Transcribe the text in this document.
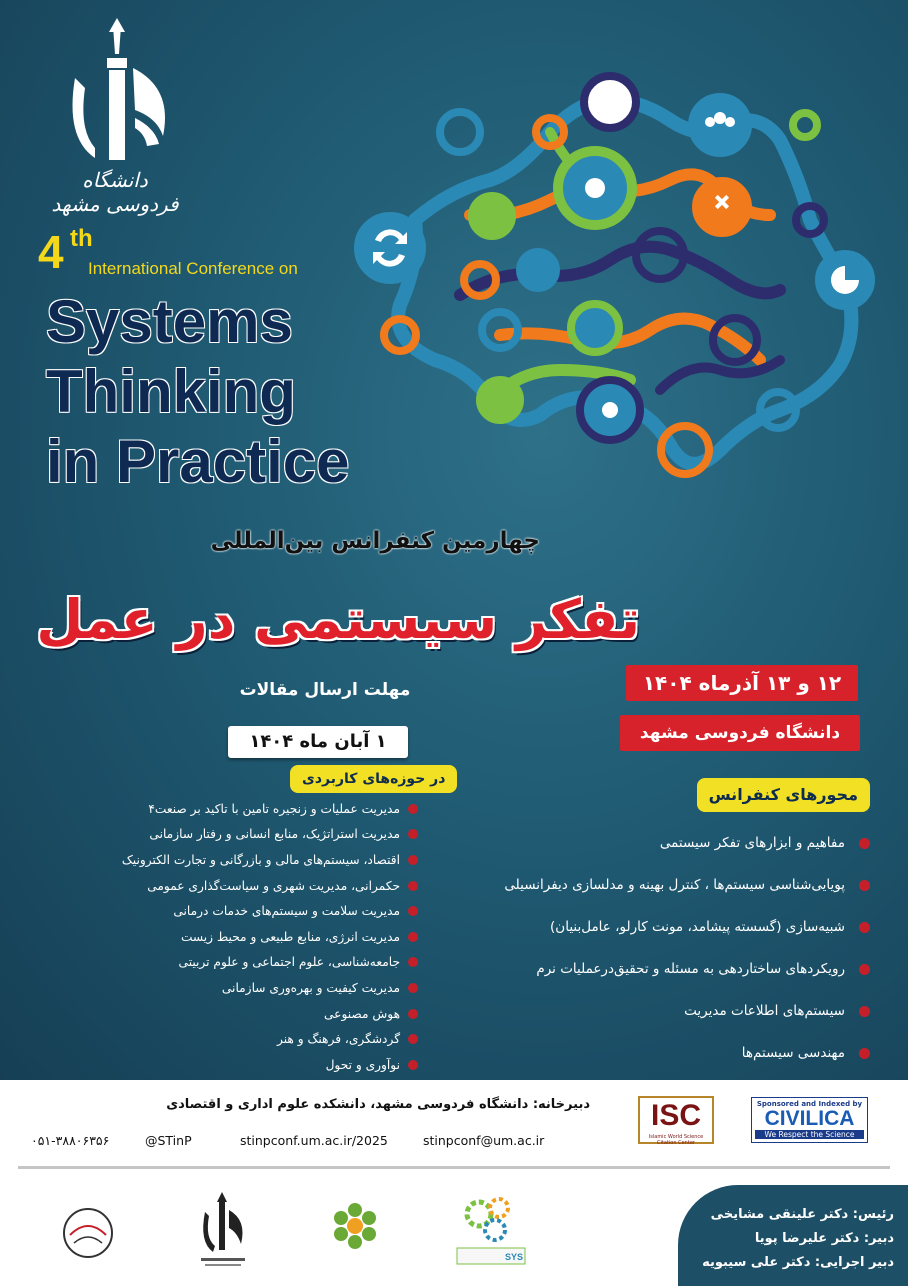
دانشگاه فردوسی مشهد
4 th
International Conference on
Systems
Thinking
in Practice
چهارمین کنفرانس بین‌المللی
تفکر سیستمی در عمل
۱۲ و ۱۳ آذرماه ۱۴۰۴
دانشگاه فردوسی مشهد
مهلت ارسال مقالات
۱ آبان ماه ۱۴۰۴
محورهای کنفرانس
مفاهیم و ابزارهای تفکر سیستمی
پویایی‌شناسی سیستم‌ها ، کنترل بهینه و مدلسازی دیفرانسیلی
شبیه‌سازی (گسسته پیشامد، مونت کارلو، عامل‌بنیان)
رویکردهای ساختاردهی به مسئله و تحقیق‌درعملیات نرم
سیستم‌های اطلاعات مدیریت
مهندسی سیستم‌ها
در حوزه‌های کاربردی
مدیریت عملیات و زنجیره تامین با تاکید بر صنعت۴
مدیریت استراتژیک، منابع انسانی و رفتار سازمانی
اقتصاد، سیستم‌های مالی و بازرگانی و تجارت الکترونیک
حکمرانی، مدیریت شهری و سیاست‌گذاری عمومی
مدیریت سلامت و سیستم‌های خدمات درمانی
مدیریت انرژی، منابع طبیعی و محیط زیست
جامعه‌شناسی، علوم اجتماعی و علوم تربیتی
مدیریت کیفیت و بهره‌وری سازمانی
هوش مصنوعی
گردشگری، فرهنگ و هنر
نوآوری و تحول
دبیرخانه: دانشگاه فردوسی مشهد، دانشکده علوم اداری و اقتصادی
۰۵۱-۳۸۸۰۶۳۵۶	@STinP	stinpconf.um.ac.ir/2025	stinpconf@um.ac.ir
ISC
Islamic World Science Citation Center
Sponsored and Indexed by
CIVILICA
We Respect the Science
SYS
رئیس: دکتر علینقی مشایخی
دبیر: دکتر علیرضا پویا
دبیر اجرایی: دکتر علی سیبویه
